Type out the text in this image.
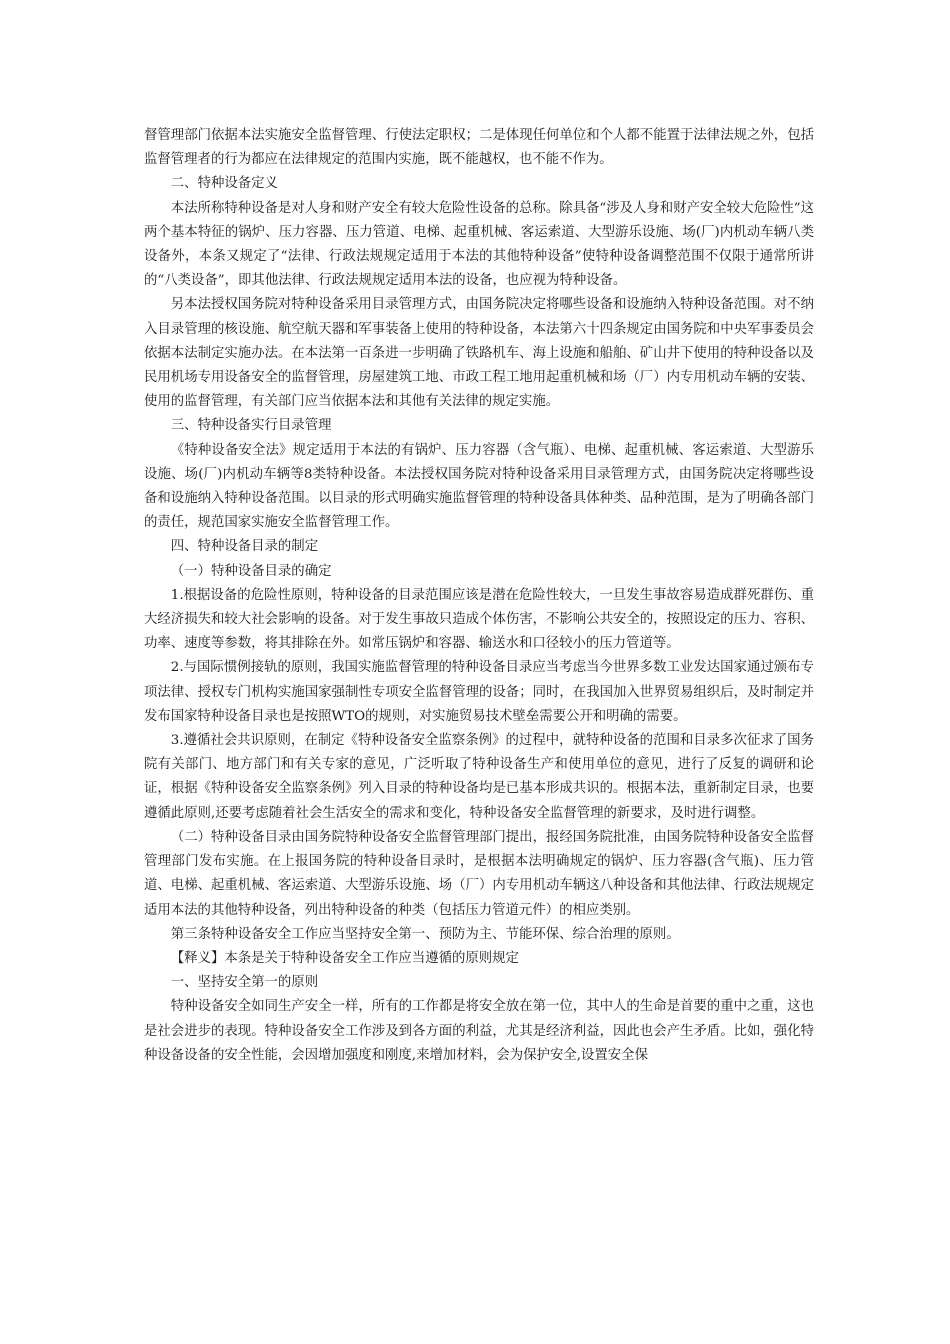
督管理部门依据本法实施安全监督管理、行使法定职权；二是体现任何单位和个人都不能置于法律法规之外，包括监督管理者的行为都应在法律规定的范围内实施，既不能越权，也不能不作为。

二、特种设备定义

本法所称特种设备是对人身和财产安全有较大危险性设备的总称。除具备“涉及人身和财产安全较大危险性”这两个基本特征的锅炉、压力容器、压力管道、电梯、起重机械、客运索道、大型游乐设施、场(厂)内机动车辆八类设备外，本条又规定了“法律、行政法规规定适用于本法的其他特种设备”使特种设备调整范围不仅限于通常所讲的“八类设备”，即其他法律、行政法规规定适用本法的设备，也应视为特种设备。

另本法授权国务院对特种设备采用目录管理方式，由国务院决定将哪些设备和设施纳入特种设备范围。对不纳入目录管理的核设施、航空航天器和军事装备上使用的特种设备，本法第六十四条规定由国务院和中央军事委员会依据本法制定实施办法。在本法第一百条进一步明确了铁路机车、海上设施和船舶、矿山井下使用的特种设备以及民用机场专用设备安全的监督管理，房屋建筑工地、市政工程工地用起重机械和场（厂）内专用机动车辆的安装、使用的监督管理，有关部门应当依据本法和其他有关法律的规定实施。

三、特种设备实行目录管理

《特种设备安全法》规定适用于本法的有锅炉、压力容器（含气瓶）、电梯、起重机械、客运索道、大型游乐设施、场(厂)内机动车辆等8类特种设备。本法授权国务院对特种设备采用目录管理方式，由国务院决定将哪些设备和设施纳入特种设备范围。以目录的形式明确实施监督管理的特种设备具体种类、品种范围，是为了明确各部门的责任，规范国家实施安全监督管理工作。

四、特种设备目录的制定

（一）特种设备目录的确定

1.根据设备的危险性原则，特种设备的目录范围应该是潜在危险性较大，一旦发生事故容易造成群死群伤、重大经济损失和较大社会影响的设备。对于发生事故只造成个体伤害，不影响公共安全的，按照设定的压力、容积、功率、速度等参数，将其排除在外。如常压锅炉和容器、输送水和口径较小的压力管道等。

2.与国际惯例接轨的原则，我国实施监督管理的特种设备目录应当考虑当今世界多数工业发达国家通过颁布专项法律、授权专门机构实施国家强制性专项安全监督管理的设备；同时，在我国加入世界贸易组织后，及时制定并发布国家特种设备目录也是按照WTO的规则，对实施贸易技术壁垒需要公开和明确的需要。

3.遵循社会共识原则，在制定《特种设备安全监察条例》的过程中，就特种设备的范围和目录多次征求了国务院有关部门、地方部门和有关专家的意见，广泛听取了特种设备生产和使用单位的意见，进行了反复的调研和论证，根据《特种设备安全监察条例》列入目录的特种设备均是已基本形成共识的。根据本法，重新制定目录，也要遵循此原则,还要考虑随着社会生活安全的需求和变化，特种设备安全监督管理的新要求，及时进行调整。

（二）特种设备目录由国务院特种设备安全监督管理部门提出，报经国务院批准，由国务院特种设备安全监督管理部门发布实施。在上报国务院的特种设备目录时，是根据本法明确规定的锅炉、压力容器(含气瓶)、压力管道、电梯、起重机械、客运索道、大型游乐设施、场（厂）内专用机动车辆这八种设备和其他法律、行政法规规定适用本法的其他特种设备，列出特种设备的种类（包括压力管道元件）的相应类别。

第三条特种设备安全工作应当坚持安全第一、预防为主、节能环保、综合治理的原则。

【释义】本条是关于特种设备安全工作应当遵循的原则规定

一、坚持安全第一的原则

特种设备安全如同生产安全一样，所有的工作都是将安全放在第一位，其中人的生命是首要的重中之重，这也是社会进步的表现。特种设备安全工作涉及到各方面的利益，尤其是经济利益，因此也会产生矛盾。比如，强化特种设备设备的安全性能，会因增加强度和刚度,来增加材料，会为保护安全,设置安全保
